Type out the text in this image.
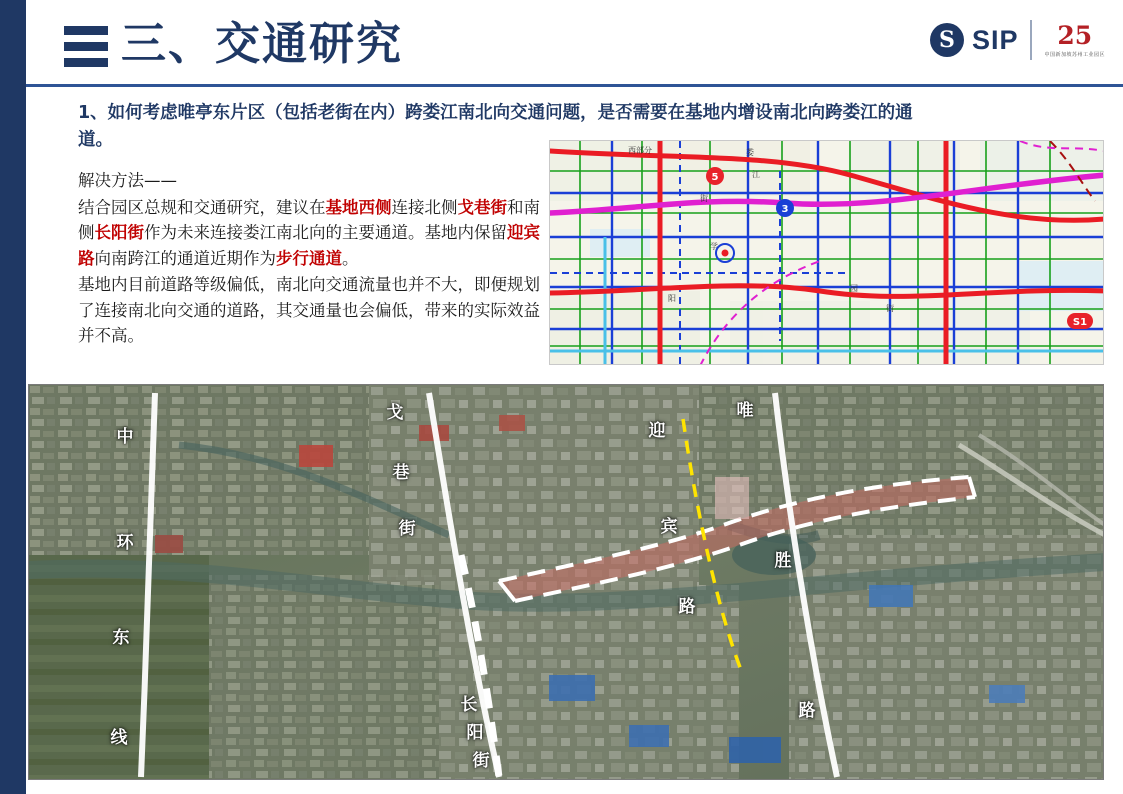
三、交通研究	S SIP 25
中国新加坡苏州工业园区
1、如何考虑唯亭东片区（包括老街在内）跨娄江南北向交通问题，是否需要在基地内增设南北向跨娄江的通道。
解决方法——
结合园区总规和交通研究，建议在基地西侧连接北侧戈巷街和南侧长阳街作为未来连接娄江南北向的主要通道。基地内保留迎宾路向南跨江的通道近期作为步行通道。
基地内目前道路等级偏低，南北向交通流量也并不大，即便规划了连接南北向交通的道路，其交通量也会偏低，带来的实际效益并不高。
西部分	娄
江
街
学
阳
园
街
5
3
S1
中
环
东
线
戈
巷
街
长
阳
街
迎
宾
路
唯
胜
路
